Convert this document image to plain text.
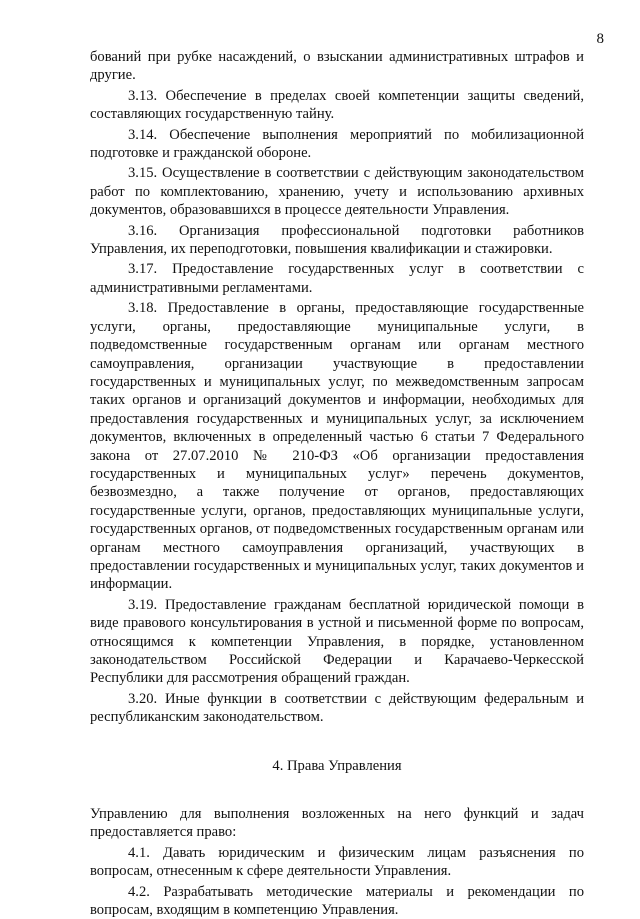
8

бований при рубке насаждений, о взыскании административных штрафов и другие.

3.13. Обеспечение в пределах своей компетенции защиты сведений, составляющих государственную тайну.

3.14. Обеспечение выполнения мероприятий по мобилизационной подготовке и гражданской обороне.

3.15. Осуществление в соответствии с действующим законодательством работ по комплектованию, хранению, учету и использованию архивных документов, образовавшихся в процессе деятельности Управления.

3.16. Организация профессиональной подготовки работников Управления, их переподготовки, повышения квалификации и стажировки.

3.17. Предоставление государственных услуг в соответствии с административными регламентами.

3.18. Предоставление в органы, предоставляющие государственные услуги, органы, предоставляющие муниципальные услуги, в подведомственные государственным органам или органам местного самоуправления, организации участвующие в предоставлении государственных и муниципальных услуг, по межведомственным запросам таких органов и организаций документов и информации, необходимых для предоставления государственных и муниципальных услуг, за исключением документов, включенных в определенный частью 6 статьи 7 Федерального закона от 27.07.2010 № 210-ФЗ «Об организации предоставления государственных и муниципальных услуг» перечень документов, безвозмездно, а также получение от органов, предоставляющих государственные услуги, органов, предоставляющих муниципальные услуги, государственных органов, от подведомственных государственным органам или органам местного самоуправления организаций, участвующих в предоставлении государственных и муниципальных услуг, таких документов и информации.

3.19. Предоставление гражданам бесплатной юридической помощи в виде правового консультирования в устной и письменной форме по вопросам, относящимся к компетенции Управления, в порядке, установленном законодательством Российской Федерации и Карачаево-Черкесской Республики для рассмотрения обращений граждан.

3.20. Иные функции в соответствии с действующим федеральным и республиканским законодательством.

4. Права Управления

Управлению для выполнения возложенных на него функций и задач предоставляется право:

4.1. Давать юридическим и физическим лицам разъяснения по вопросам, отнесенным к сфере деятельности Управления.

4.2. Разрабатывать методические материалы и рекомендации по вопросам, входящим в компетенцию Управления.
